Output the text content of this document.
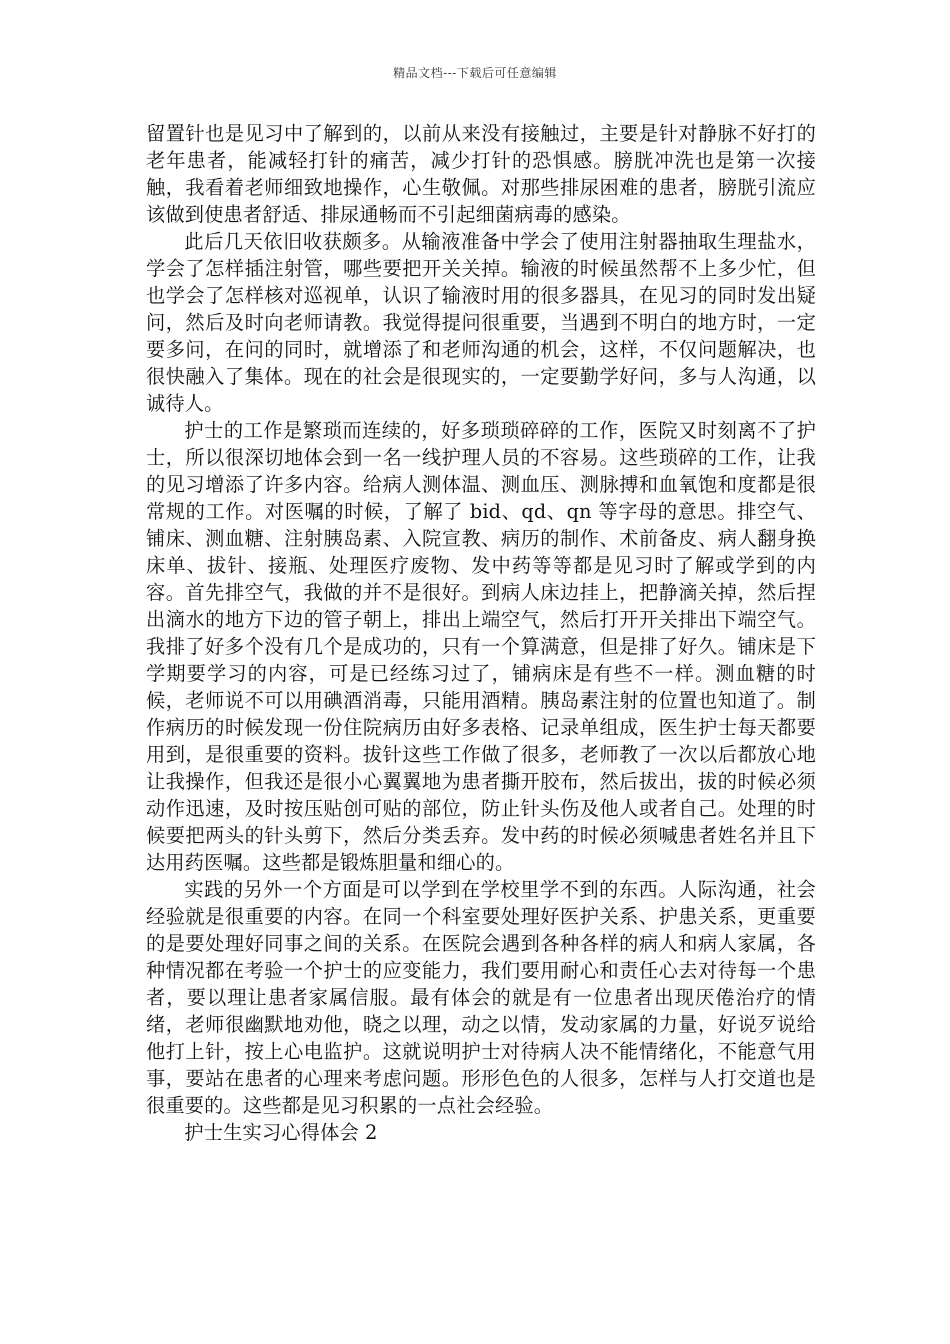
精品文档---下载后可任意编辑

留置针也是见习中了解到的，以前从来没有接触过，主要是针对静脉不好打的老年患者，能减轻打针的痛苦，减少打针的恐惧感。膀胱冲洗也是第一次接触，我看着老师细致地操作，心生敬佩。对那些排尿困难的患者，膀胱引流应该做到使患者舒适、排尿通畅而不引起细菌病毒的感染。

此后几天依旧收获颇多。从输液准备中学会了使用注射器抽取生理盐水，学会了怎样插注射管，哪些要把开关关掉。输液的时候虽然帮不上多少忙，但也学会了怎样核对巡视单，认识了输液时用的很多器具，在见习的同时发出疑问，然后及时向老师请教。我觉得提问很重要，当遇到不明白的地方时，一定要多问，在问的同时，就增添了和老师沟通的机会，这样，不仅问题解决，也很快融入了集体。现在的社会是很现实的，一定要勤学好问，多与人沟通，以诚待人。

护士的工作是繁琐而连续的，好多琐琐碎碎的工作，医院又时刻离不了护士，所以很深切地体会到一名一线护理人员的不容易。这些琐碎的工作，让我的见习增添了许多内容。给病人测体温、测血压、测脉搏和血氧饱和度都是很常规的工作。对医嘱的时候，了解了 bid、qd、qn 等字母的意思。排空气、铺床、测血糖、注射胰岛素、入院宣教、病历的制作、术前备皮、病人翻身换床单、拔针、接瓶、处理医疗废物、发中药等等都是见习时了解或学到的内容。首先排空气，我做的并不是很好。到病人床边挂上，把静滴关掉，然后捏出滴水的地方下边的管子朝上，排出上端空气，然后打开开关排出下端空气。我排了好多个没有几个是成功的，只有一个算满意，但是排了好久。铺床是下学期要学习的内容，可是已经练习过了，铺病床是有些不一样。测血糖的时候，老师说不可以用碘酒消毒，只能用酒精。胰岛素注射的位置也知道了。制作病历的时候发现一份住院病历由好多表格、记录单组成，医生护士每天都要用到，是很重要的资料。拔针这些工作做了很多，老师教了一次以后都放心地让我操作，但我还是很小心翼翼地为患者撕开胶布，然后拔出，拔的时候必须动作迅速，及时按压贴创可贴的部位，防止针头伤及他人或者自己。处理的时候要把两头的针头剪下，然后分类丢弃。发中药的时候必须喊患者姓名并且下达用药医嘱。这些都是锻炼胆量和细心的。

实践的另外一个方面是可以学到在学校里学不到的东西。人际沟通，社会经验就是很重要的内容。在同一个科室要处理好医护关系、护患关系，更重要的是要处理好同事之间的关系。在医院会遇到各种各样的病人和病人家属，各种情况都在考验一个护士的应变能力，我们要用耐心和责任心去对待每一个患者，要以理让患者家属信服。最有体会的就是有一位患者出现厌倦治疗的情绪，老师很幽默地劝他，晓之以理，动之以情，发动家属的力量，好说歹说给他打上针，按上心电监护。这就说明护士对待病人决不能情绪化，不能意气用事，要站在患者的心理来考虑问题。形形色色的人很多，怎样与人打交道也是很重要的。这些都是见习积累的一点社会经验。

护士生实习心得体会 2
